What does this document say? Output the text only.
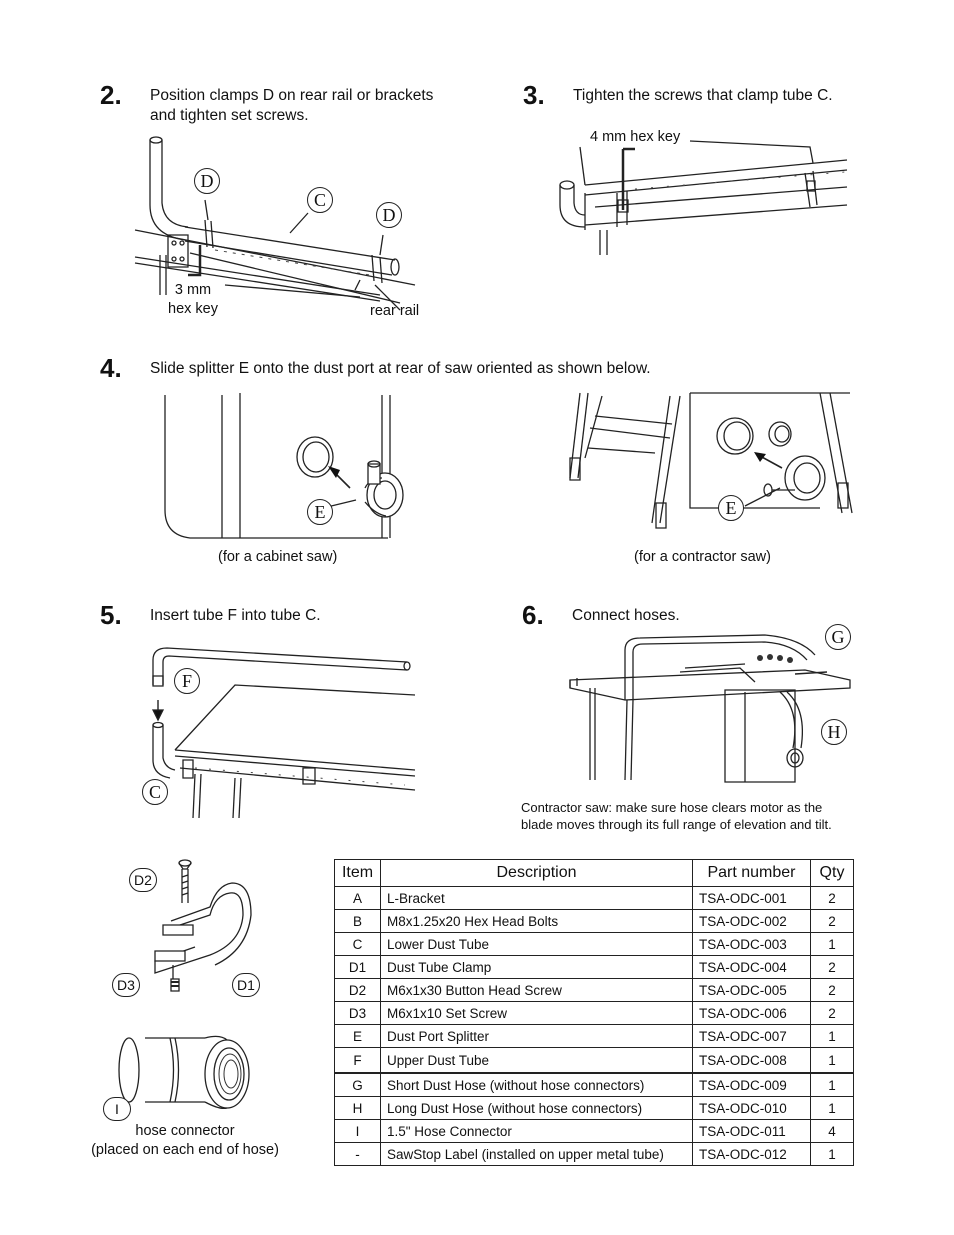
2. Position clamps D on rear rail or brackets
and tighten set screws.
D
C
D
3 mm
hex key	rear rail
3. Tighten the screws that clamp tube C.
4 mm hex key
4. Slide splitter E onto the dust port at rear of saw oriented as shown below.
E
(for a cabinet saw)
E
(for a contractor saw)
5. Insert tube F into tube C.
F
C
6. Connect hoses.
G
H
Contractor saw: make sure hose clears motor as the
blade moves through its full range of elevation and tilt.
D2
D3	D1
I
hose connector
(placed on each end of hose)
Item	Description	Part number	Qty
A	L-Bracket	TSA-ODC-001	2
B	M8x1.25x20 Hex Head Bolts	TSA-ODC-002	2
C	Lower Dust Tube	TSA-ODC-003	1
D1	Dust Tube Clamp	TSA-ODC-004	2
D2	M6x1x30 Button Head Screw	TSA-ODC-005	2
D3	M6x1x10 Set Screw	TSA-ODC-006	2
E	Dust Port Splitter	TSA-ODC-007	1
F	Upper Dust Tube	TSA-ODC-008	1
G	Short Dust Hose (without hose connectors)	TSA-ODC-009	1
H	Long Dust Hose (without hose connectors)	TSA-ODC-010	1
I	1.5" Hose Connector	TSA-ODC-011	4
-	SawStop Label (installed on upper metal tube)	TSA-ODC-012	1
